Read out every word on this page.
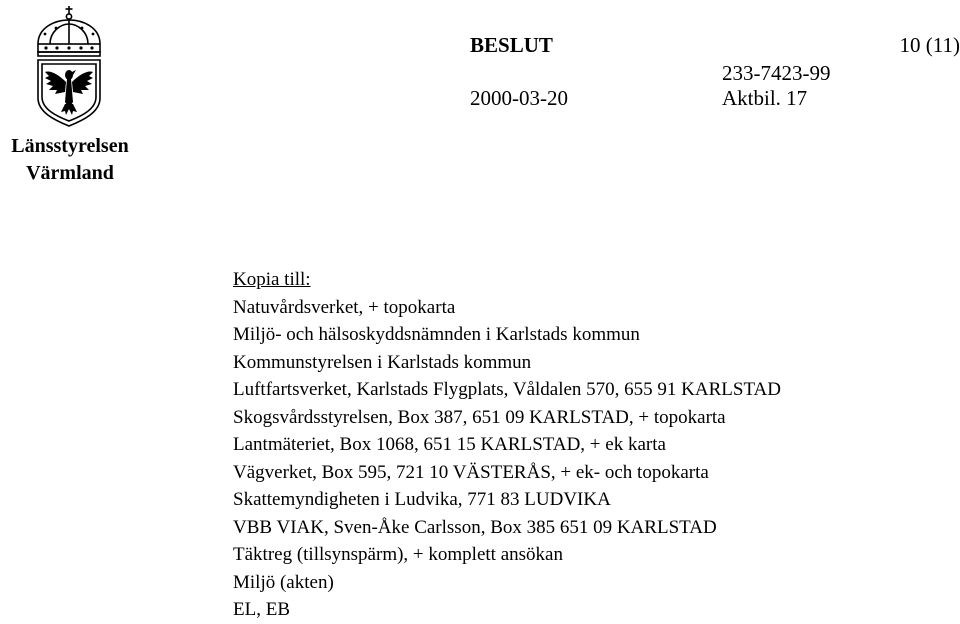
Länsstyrelsen
Värmland
BESLUT	10 (11)
233-7423-99
2000-03-20	Aktbil. 17
Kopia till:
Natuvårdsverket, + topokarta
Miljö- och hälsoskyddsnämnden i Karlstads kommun
Kommunstyrelsen i Karlstads kommun
Luftfartsverket, Karlstads Flygplats, Våldalen 570, 655 91 KARLSTAD
Skogsvårdsstyrelsen, Box 387, 651 09 KARLSTAD, + topokarta
Lantmäteriet, Box 1068, 651 15 KARLSTAD, + ek karta
Vägverket, Box 595, 721 10 VÄSTERÅS, + ek- och topokarta
Skattemyndigheten i Ludvika, 771 83 LUDVIKA
VBB VIAK, Sven-Åke Carlsson, Box 385 651 09 KARLSTAD
Täktreg (tillsynspärm), + komplett ansökan
Miljö (akten)
EL, EB
